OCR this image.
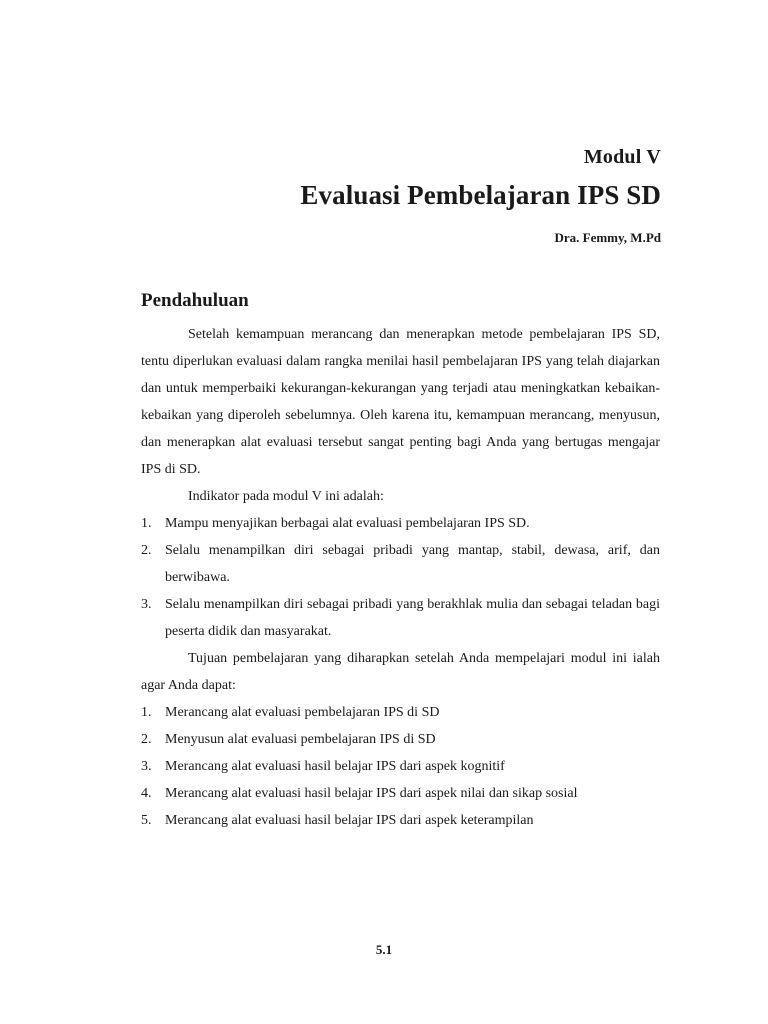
Modul V
Evaluasi Pembelajaran IPS SD
Dra. Femmy, M.Pd
Pendahuluan

Setelah kemampuan merancang dan menerapkan metode pembelajaran IPS SD, tentu diperlukan evaluasi dalam rangka menilai hasil pembelajaran IPS yang telah diajarkan dan untuk memperbaiki kekurangan-kekurangan yang terjadi atau meningkatkan kebaikan-kebaikan yang diperoleh sebelumnya. Oleh karena itu, kemampuan merancang, menyusun, dan menerapkan alat evaluasi tersebut sangat penting bagi Anda yang bertugas mengajar IPS di SD.

Indikator pada modul V ini adalah:

1. Mampu menyajikan berbagai alat evaluasi pembelajaran IPS SD.
2. Selalu menampilkan diri sebagai pribadi yang mantap, stabil, dewasa, arif, dan berwibawa.
3. Selalu menampilkan diri sebagai pribadi yang berakhlak mulia dan sebagai teladan bagi peserta didik dan masyarakat.

Tujuan pembelajaran yang diharapkan setelah Anda mempelajari modul ini ialah agar Anda dapat:

1. Merancang alat evaluasi pembelajaran IPS di SD
2. Menyusun alat evaluasi pembelajaran IPS di SD
3. Merancang alat evaluasi hasil belajar IPS dari aspek kognitif
4. Merancang alat evaluasi hasil belajar IPS dari aspek nilai dan sikap sosial
5. Merancang alat evaluasi hasil belajar IPS dari aspek keterampilan
5.1
